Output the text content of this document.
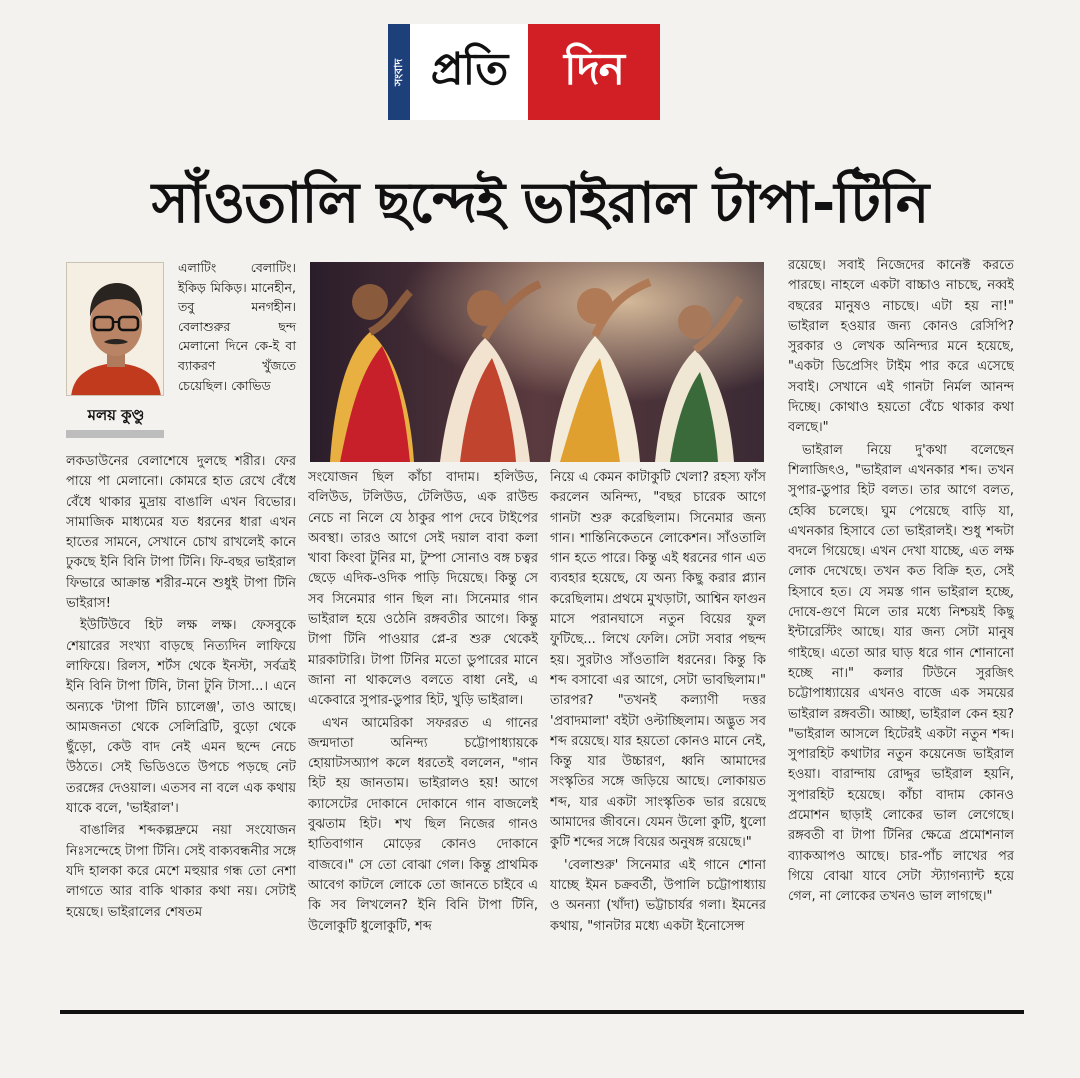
সংবাদ প্রতি	দিন
সাঁওতালি ছন্দেই ভাইরাল টাপা-টিনি
মলয় কুণ্ডু

এলাটিং বেলাটিং। ইকিড় মিকিড়। মানেহীন, তবু মনগহীন। বেলাশুরুর ছন্দ মেলানো দিনে কে-ই বা ব্যাকরণ খুঁজতে চেয়েছিল। কোভিড

লকডাউনের বেলাশেষে দুলছে শরীর। ফের পায়ে পা মেলানো। কোমরে হাত রেখে বেঁধে বেঁধে থাকার মুদ্রায় বাঙালি এখন বিভোর। সামাজিক মাধ্যমের যত ধরনের ধারা এখন হাতের সামনে, সেখানে চোখ রাখলেই কানে ঢুকছে ইনি বিনি টাপা টিনি। ফি-বছর ভাইরাল ফিভারে আক্রান্ত শরীর-মনে শুধুই টাপা টিনি ভাইরাস!

ইউটিউবে হিট লক্ষ লক্ষ। ফেসবুকে শেয়ারের সংখ্যা বাড়ছে নিত্যদিন লাফিয়ে লাফিয়ে। রিলস, শর্টস থেকে ইনস্টা, সর্বত্রই ইনি বিনি টাপা টিনি, টানা টুনি টাসা...। এনে অন্যকে 'টাপা টিনি চ্যালেঞ্জ', তাও আছে। আমজনতা থেকে সেলিব্রিটি, বুড়ো থেকে ছুঁড়ো, কেউ বাদ নেই এমন ছন্দে নেচে উঠতে। সেই ভিডিওতে উপচে পড়ছে নেট তরঙ্গের দেওয়াল। এতসব না বলে এক কথায় যাকে বলে, 'ভাইরাল'।

বাঙালির শব্দকল্পদ্রুমে নয়া সংযোজন নিঃসন্দেহে টাপা টিনি। সেই বাক্যবন্ধনীর সঙ্গে যদি হালকা করে মেশে মহুয়ার গন্ধ তো নেশা লাগতে আর বাকি থাকার কথা নয়। সেটাই হয়েছে। ভাইরালের শেষতম

সংযোজন ছিল কাঁচা বাদাম। হলিউড, বলিউড, টলিউড, টেলিউড, এক রাউন্ড নেচে না নিলে যে ঠাকুর পাপ দেবে টাইপের অবস্থা। তারও আগে সেই দয়াল বাবা কলা খাবা কিংবা টুনির মা, টুম্পা সোনাও বঙ্গ চত্বর ছেড়ে এদিক-ওদিক পাড়ি দিয়েছে। কিন্তু সে সব সিনেমার গান ছিল না। সিনেমার গান ভাইরাল হয়ে ওঠেনি রঙ্গবতীর আগে। কিন্তু টাপা টিনি পাওয়ার প্লে-র শুরু থেকেই মারকাটারি। টাপা টিনির মতো ডুপারের মানে জানা না থাকলেও বলতে বাধা নেই, এ একেবারে সুপার-ডুপার হিট, খুড়ি ভাইরাল।

এখন আমেরিকা সফররত এ গানের জন্মদাতা অনিন্দ্য চট্টোপাধ্যায়কে হোয়াটসঅ্যাপ কলে ধরতেই বললেন, "গান হিট হয় জানতাম। ভাইরালও হয়! আগে ক্যাসেটের দোকানে দোকানে গান বাজলেই বুঝতাম হিট। শখ ছিল নিজের গানও হাতিবাগান মোড়ের কোনও দোকানে বাজবে।" সে তো বোঝা গেল। কিন্তু প্রাথমিক আবেগ কাটলে লোকে তো জানতে চাইবে এ কি সব লিখলেন? ইনি বিনি টাপা টিনি, উলোকুটি ধুলোকুটি, শব্দ

নিয়ে এ কেমন কাটাকুটি খেলা? রহস্য ফাঁস করলেন অনিন্দ্য, "বছর চারেক আগে গানটা শুরু করেছিলাম। সিনেমার জন্য গান। শান্তিনিকেতনে লোকেশন। সাঁওতালি গান হতে পারে। কিন্তু এই ধরনের গান এত ব্যবহার হয়েছে, যে অন্য কিছু করার প্ল্যান করেছিলাম। প্রথমে মুখড়াটা, আশ্বিন ফাগুন মাসে পরানঘাসে নতুন বিয়ের ফুল ফুটিছে... লিখে ফেলি। সেটা সবার পছন্দ হয়। সুরটাও সাঁওতালি ধরনের। কিন্তু কি শব্দ বসাবো এর আগে, সেটা ভাবছিলাম।" তারপর? "তখনই কল্যাণী দত্তর 'প্রবাদমালা' বইটা ওল্টাচ্ছিলাম। অদ্ভুত সব শব্দ রয়েছে। যার হয়তো কোনও মানে নেই, কিন্তু যার উচ্চারণ, ধ্বনি আমাদের সংস্কৃতির সঙ্গে জড়িয়ে আছে। লোকায়ত শব্দ, যার একটা সাংস্কৃতিক ভার রয়েছে আমাদের জীবনে। যেমন উলো কুটি, ধুলো কুটি শব্দের সঙ্গে বিয়ের অনুষঙ্গ রয়েছে।"

'বেলাশুরু' সিনেমার এই গানে শোনা যাচ্ছে ইমন চক্রবর্তী, উপালি চট্টোপাধ্যায় ও অনন্যা (খাঁদা) ভট্টাচার্যর গলা। ইমনের কথায়, "গানটার মধ্যে একটা ইনোসেন্স

রয়েছে। সবাই নিজেদের কানেক্ট করতে পারছে। নাহলে একটা বাচ্চাও নাচছে, নব্বই বছরের মানুষও নাচছে। এটা হয় না!" ভাইরাল হওয়ার জন্য কোনও রেসিপি? সুরকার ও লেখক অনিন্দ্যর মনে হয়েছে, "একটা ডিপ্রেসিং টাইম পার করে এসেছে সবাই। সেখানে এই গানটা নির্মল আনন্দ দিচ্ছে। কোথাও হয়তো বেঁচে থাকার কথা বলছে।"

ভাইরাল নিয়ে দু'কথা বলেছেন শিলাজিৎও, "ভাইরাল এখনকার শব্দ। তখন সুপার-ডুপার হিট বলত। তার আগে বলত, হেব্বি চলেছে। ঘুম পেয়েছে বাড়ি যা, এখনকার হিসাবে তো ভাইরালই। শুধু শব্দটা বদলে গিয়েছে। এখন দেখা যাচ্ছে, এত লক্ষ লোক দেখেছে। তখন কত বিক্রি হত, সেই হিসাবে হত। যে সমস্ত গান ভাইরাল হচ্ছে, দোষে-গুণে মিলে তার মধ্যে নিশ্চয়ই কিছু ইন্টারেস্টিং আছে। যার জন্য সেটা মানুষ গাইছে। এতো আর ঘাড় ধরে গান শোনানো হচ্ছে না।" কলার টিউনে সুরজিৎ চট্টোপাধ্যায়ের এখনও বাজে এক সময়ের ভাইরাল রঙ্গবতী। আচ্ছা, ভাইরাল কেন হয়? "ভাইরাল আসলে হিটেরই একটা নতুন শব্দ। সুপারহিট কথাটার নতুন কয়েনেজ ভাইরাল হওয়া। বারান্দায় রোদ্দুর ভাইরাল হয়নি, সুপারহিট হয়েছে। কাঁচা বাদাম কোনও প্রমোশন ছাড়াই লোকের ভাল লেগেছে। রঙ্গবতী বা টাপা টিনির ক্ষেত্রে প্রমোশনাল ব্যাকআপও আছে। চার-পাঁচ লাখের পর গিয়ে বোঝা যাবে সেটা স্ট্যাগন্যান্ট হয়ে গেল, না লোকের তখনও ভাল লাগছে।"
